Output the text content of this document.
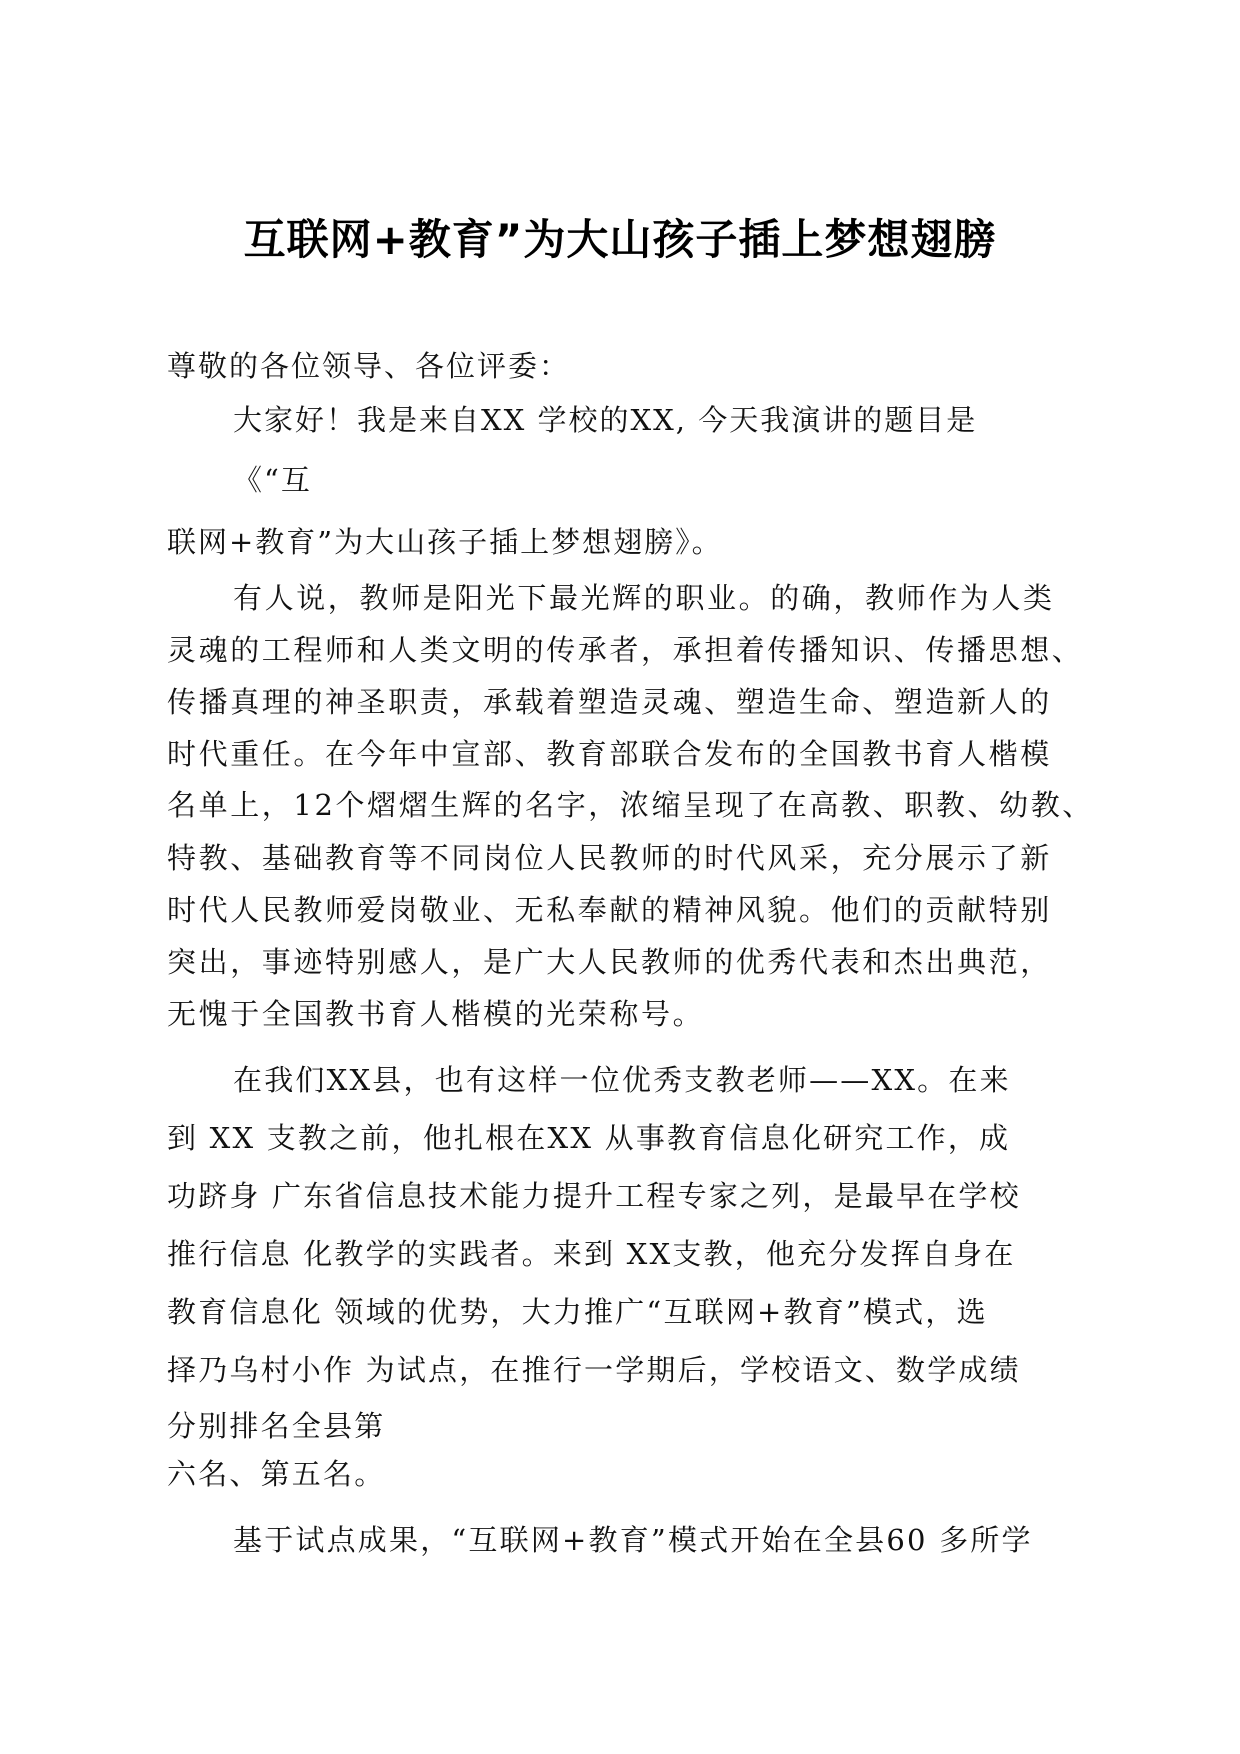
互联网+教育”为大山孩子插上梦想翅膀
尊敬的各位领导、各位评委：
大家好！我是来自XX 学校的XX, 今天我演讲的题目是
《“互
联网+教育”为大山孩子插上梦想翅膀》。
有人说，教师是阳光下最光辉的职业。的确，教师作为人类
灵魂的工程师和人类文明的传承者，承担着传播知识、传播思想、
传播真理的神圣职责，承载着塑造灵魂、塑造生命、塑造新人的
时代重任。在今年中宣部、教育部联合发布的全国教书育人楷模
名单上，12个熠熠生辉的名字，浓缩呈现了在高教、职教、幼教、
特教、基础教育等不同岗位人民教师的时代风采，充分展示了新
时代人民教师爱岗敬业、无私奉献的精神风貌。他们的贡献特别
突出，事迹特别感人，是广大人民教师的优秀代表和杰出典范，
无愧于全国教书育人楷模的光荣称号。
在我们XX县，也有这样一位优秀支教老师——XX。在来
到 XX 支教之前，他扎根在XX 从事教育信息化研究工作，成
功跻身 广东省信息技术能力提升工程专家之列，是最早在学校
推行信息 化教学的实践者。来到 XX支教，他充分发挥自身在
教育信息化 领域的优势，大力推广“互联网+教育”模式，选
择乃乌村小作 为试点，在推行一学期后，学校语文、数学成绩
分别排名全县第
六名、第五名。
基于试点成果，“互联网+教育”模式开始在全县60 多所学
